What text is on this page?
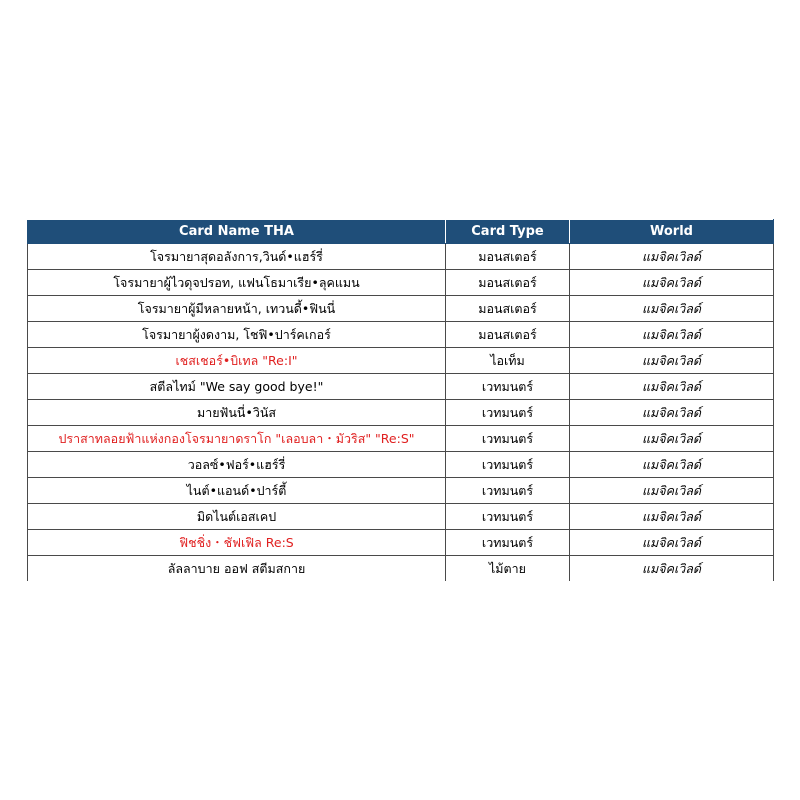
Card Name THA	Card Type	World
โจรมายาสุดอลังการ,วินด์•แฮร์รี่	มอนสเตอร์	แมจิคเวิลด์
โจรมายาผู้ไวดุจปรอท, แฟนโธมาเรีย•ลุคแมน	มอนสเตอร์	แมจิคเวิลด์
โจรมายาผู้มีหลายหน้า, เทวนดี้•ฟินนี่	มอนสเตอร์	แมจิคเวิลด์
โจรมายาผู้งดงาม, โชฟิ•ปาร์คเกอร์	มอนสเตอร์	แมจิคเวิลด์
เชสเชอร์•บิเทล "Re:I"	ไอเท็ม	แมจิคเวิลด์
สตีลไทม์ "We say good bye!"	เวทมนตร์	แมจิคเวิลด์
มายฟันนี่•วินัส	เวทมนตร์	แมจิคเวิลด์
ปราสาทลอยฟ้าแห่งกองโจรมายาดราโก "เลอบลา・มัวริส" "Re:S"	เวทมนตร์	แมจิคเวิลด์
วอลซ์•ฟอร์•แฮร์รี่	เวทมนตร์	แมจิคเวิลด์
ไนต์•แอนด์•ปาร์ตี้	เวทมนตร์	แมจิคเวิลด์
มิดไนต์เอสเคป	เวทมนตร์	แมจิคเวิลด์
ฟิชชิ่ง・ชัฟเฟิล Re:S	เวทมนตร์	แมจิคเวิลด์
ลัลลาบาย ออฟ สตีมสกาย	ไม้ตาย	แมจิคเวิลด์
